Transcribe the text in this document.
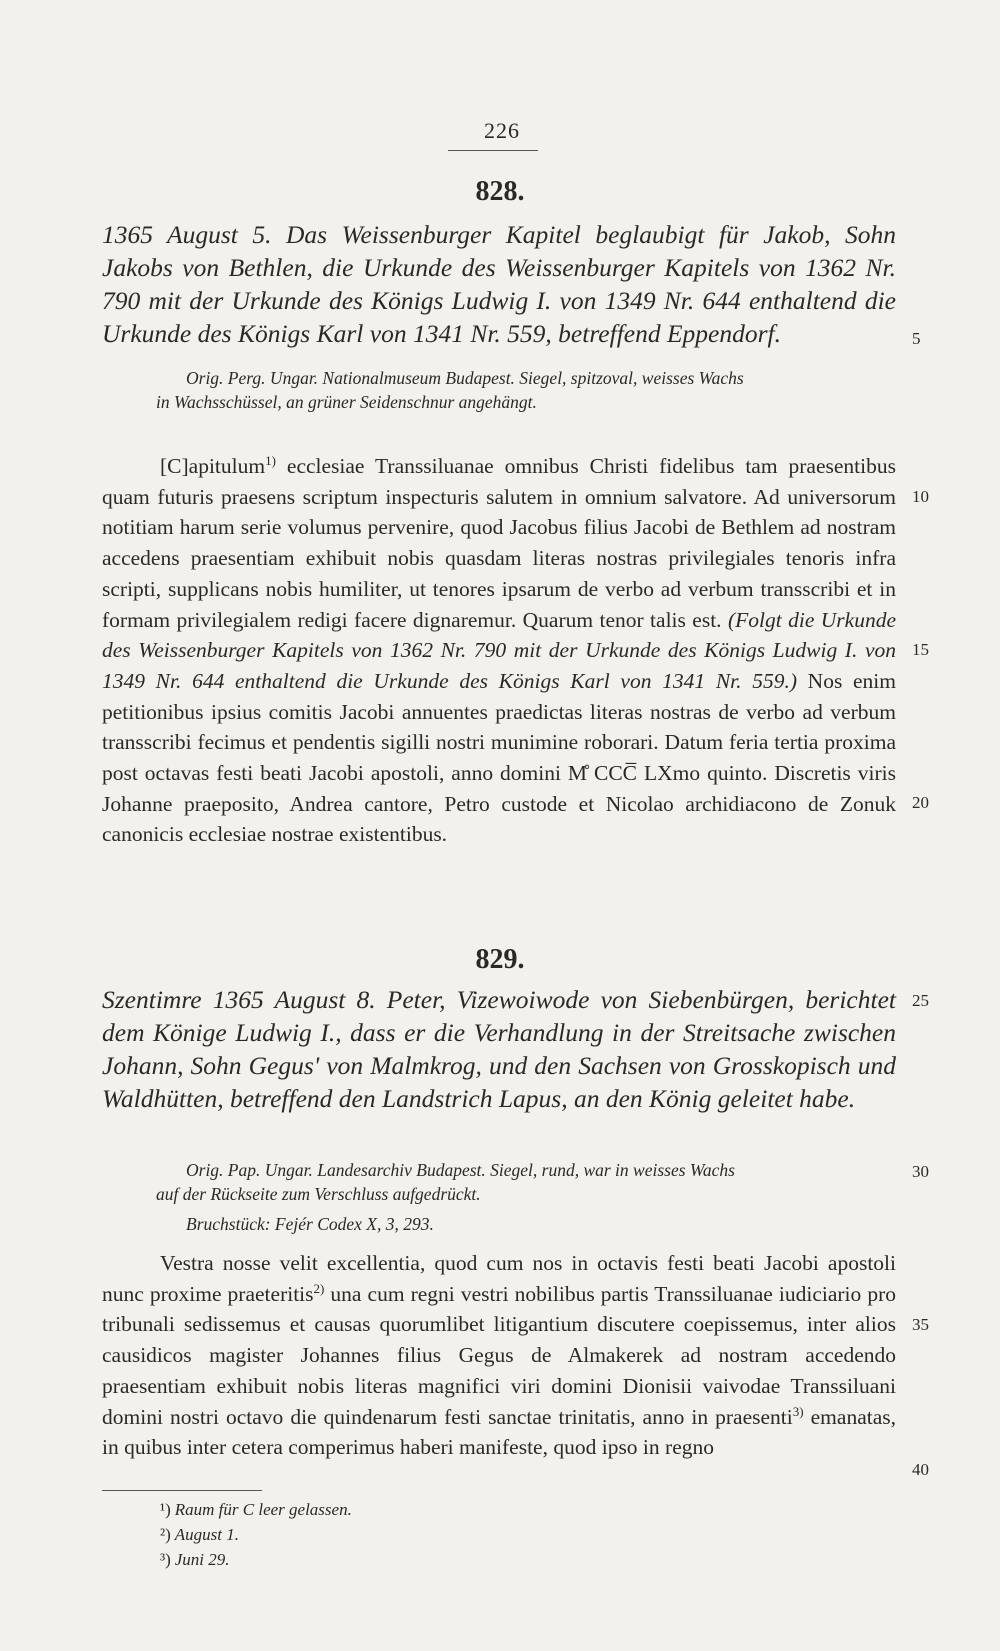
226
828.
1365 August 5. Das Weissenburger Kapitel beglaubigt für Jakob, Sohn Jakobs von Bethlen, die Urkunde des Weissenburger Kapitels von 1362 Nr. 790 mit der Urkunde des Königs Ludwig I. von 1349 Nr. 644 enthaltend die Urkunde des Königs Karl von 1341 Nr. 559, betreffend Eppendorf.
Orig. Perg. Ungar. Nationalmuseum Budapest. Siegel, spitzoval, weisses Wachs
in Wachsschüssel, an grüner Seidenschnur angehängt.
[C]apitulum$^{1)}$ ecclesiae Transsiluanae omnibus Christi fidelibus tam praesentibus quam futuris praesens scriptum inspecturis salutem in omnium salvatore. Ad universorum notitiam harum serie volumus pervenire, quod Jacobus filius Jacobi de Bethlem ad nostram accedens praesentiam exhibuit nobis quasdam literas nostras privilegiales tenoris infra scripti, supplicans nobis humiliter, ut tenores ipsarum de verbo ad verbum transscribi et in formam privilegialem redigi facere dignaremur. Quarum tenor talis est. (Folgt die Urkunde des Weissenburger Kapitels von 1362 Nr. 790 mit der Urkunde des Königs Ludwig I. von 1349 Nr. 644 enthaltend die Urkunde des Königs Karl von 1341 Nr. 559.) Nos enim petitionibus ipsius comitis Jacobi annuentes praedictas literas nostras de verbo ad verbum transscribi fecimus et pendentis sigilli nostri munimine roborari. Datum feria tertia proxima post octavas festi beati Jacobi apostoli, anno domini M̊ CCC̅ LXmo quinto. Discretis viris Johanne praeposito, Andrea cantore, Petro custode et Nicolao archidiacono de Zonuk canonicis ecclesiae nostrae existentibus.
829.
Szentimre 1365 August 8. Peter, Vizewoiwode von Siebenbürgen, berichtet dem Könige Ludwig I., dass er die Verhandlung in der Streitsache zwischen Johann, Sohn Gegus' von Malmkrog, und den Sachsen von Grosskopisch und Waldhütten, betreffend den Landstrich Lapus, an den König geleitet habe.
Orig. Pap. Ungar. Landesarchiv Budapest. Siegel, rund, war in weisses Wachs
auf der Rückseite zum Verschluss aufgedrückt.
Bruchstück: Fejér Codex X, 3, 293.
Vestra nosse velit excellentia, quod cum nos in octavis festi beati Jacobi apostoli nunc proxime praeteritis$^{2)}$ una cum regni vestri nobilibus partis Transsiluanae iudiciario pro tribunali sedissemus et causas quorumlibet litigantium discutere coepissemus, inter alios causidicos magister Johannes filius Gegus de Almakerek ad nostram accedendo praesentiam exhibuit nobis literas magnifici viri domini Dionisii vaivodae Transsiluani domini nostri octavo die quindenarum festi sanctae trinitatis, anno in praesenti$^{3)}$ emanatas, in quibus inter cetera comperimus haberi manifeste, quod ipso in regno
5
10
15
20
25
30
35
40
¹) Raum für C leer gelassen.
²) August 1.
³) Juni 29.
